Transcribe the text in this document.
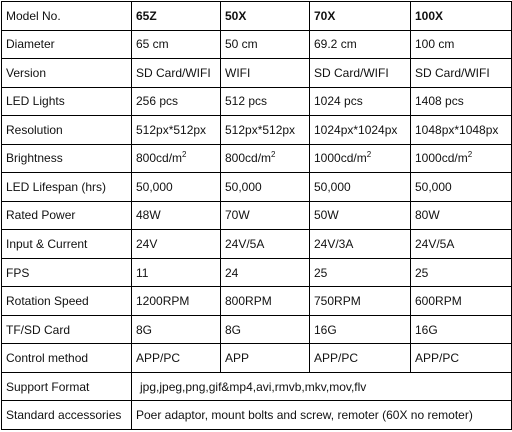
Model No.	65Z	50X	70X	100X
Diameter	65 cm	50 cm	69.2 cm	100 cm
Version	SD Card/WIFI	WIFI	SD Card/WIFI	SD Card/WIFI
LED Lights	256 pcs	512 pcs	1024 pcs	1408 pcs
Resolution	512px*512px	512px*512px	1024px*1024px	1048px*1048px
Brightness	$800cd/m^2$	$800cd/m^2$	$1000cd/m^2$	$1000cd/m^2$
LED Lifespan (hrs)	50,000	50,000	50,000	50,000
Rated Power	48W	70W	50W	80W
Input & Current	24V	24V/5A	24V/3A	24V/5A
FPS	11	24	25	25
Rotation Speed	1200RPM	800RPM	750RPM	600RPM
TF/SD Card	8G	8G	16G	16G
Control method	APP/PC	APP	APP/PC	APP/PC
Support Format	jpg,jpeg,png,gif&mp4,avi,rmvb,mkv,mov,flv			
Standard accessories	Poer adaptor, mount bolts and screw, remoter (60X no remoter)			
